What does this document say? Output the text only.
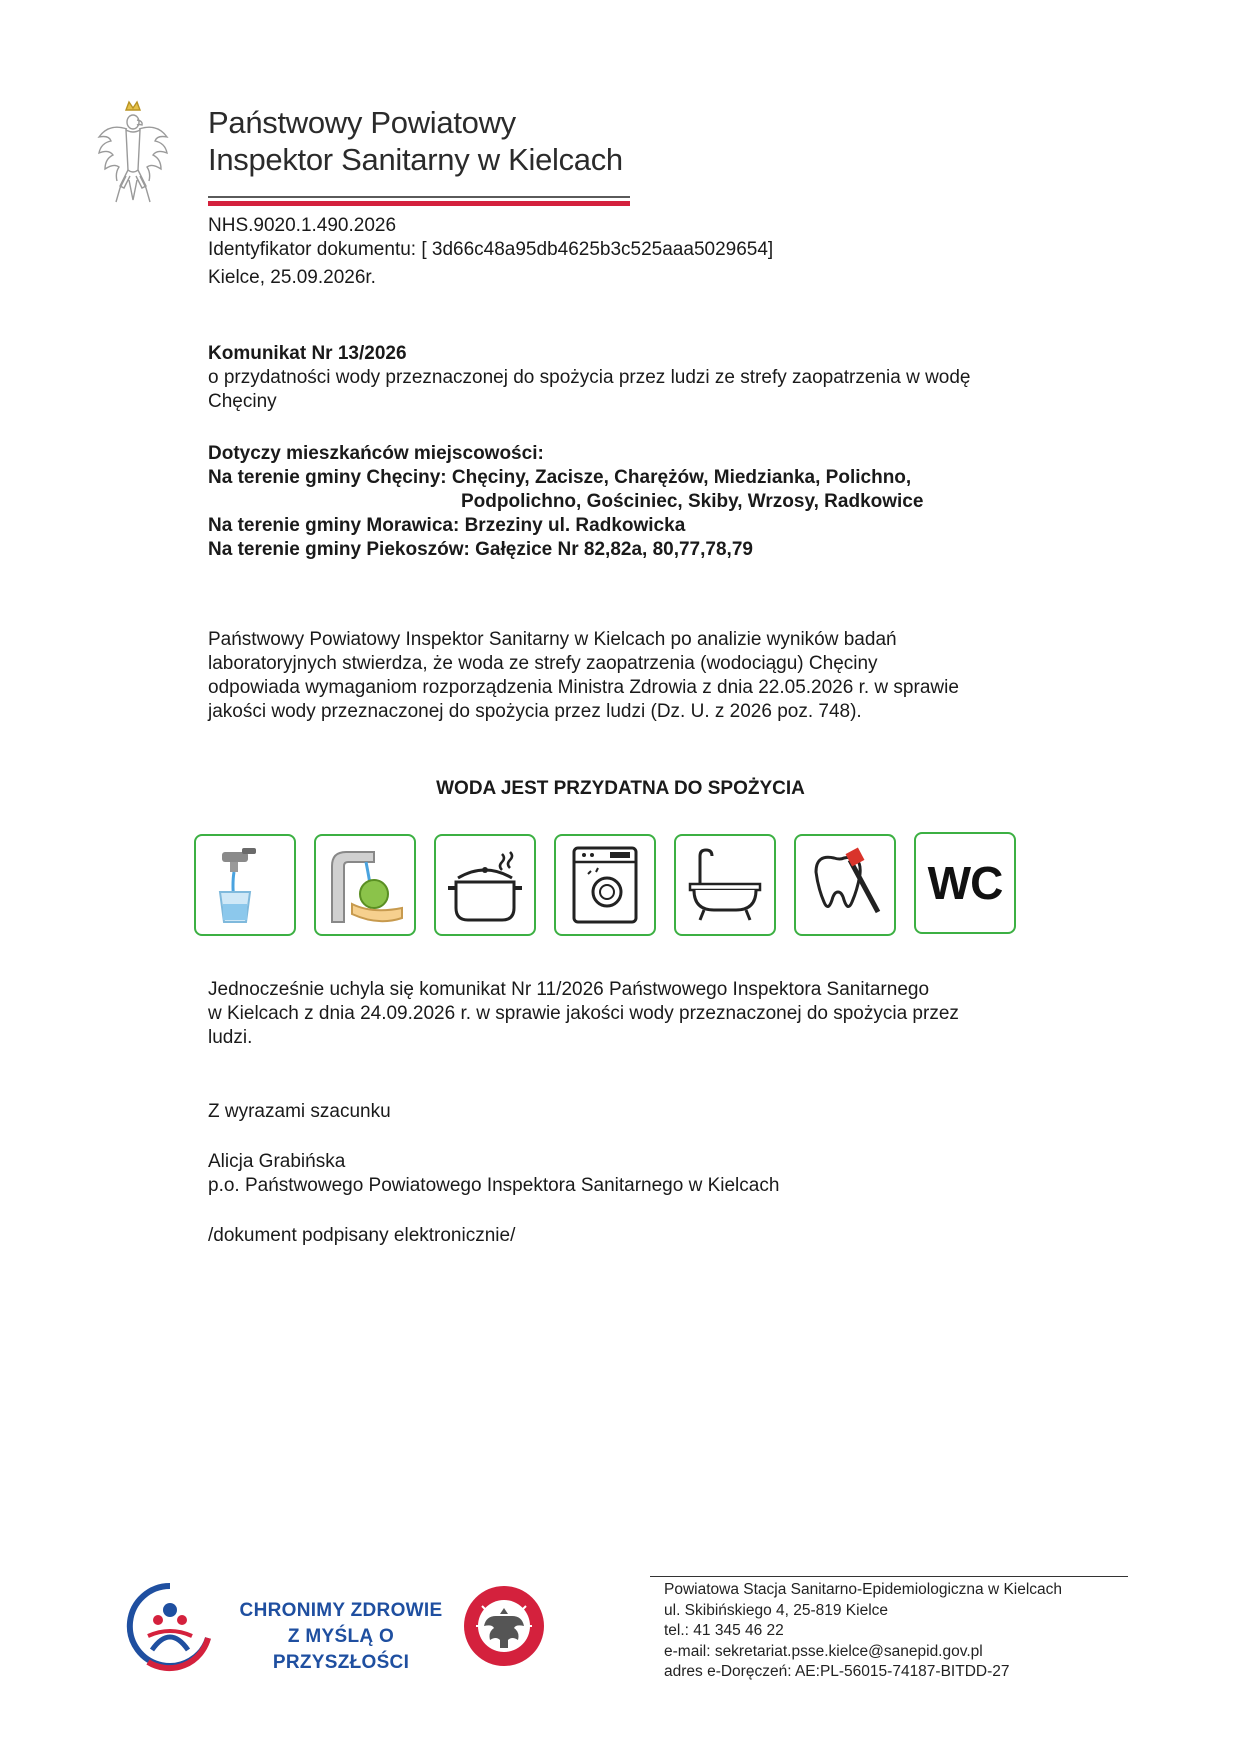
Państwowy Powiatowy
Inspektor Sanitarny w Kielcach
NHS.9020.1.490.2026
Identyfikator dokumentu: [ 3d66c48a95db4625b3c525aaa5029654]
Kielce, 25.09.2026r.
Komunikat Nr 13/2026
o przydatności wody przeznaczonej do spożycia przez ludzi ze strefy zaopatrzenia w wodę
Chęciny
Dotyczy mieszkańców miejscowości:
Na terenie gminy Chęciny: Chęciny, Zacisze, Charężów, Miedzianka, Polichno,
Podpolichno, Gościniec, Skiby, Wrzosy, Radkowice
Na terenie gminy Morawica: Brzeziny ul. Radkowicka
Na terenie gminy Piekoszów: Gałęzice Nr 82,82a, 80,77,78,79
Państwowy Powiatowy Inspektor Sanitarny w Kielcach po analizie wyników badań
laboratoryjnych stwierdza, że woda ze strefy zaopatrzenia (wodociągu) Chęciny
odpowiada wymaganiom rozporządzenia Ministra Zdrowia z dnia 22.05.2026 r. w sprawie
jakości wody przeznaczonej do spożycia przez ludzi (Dz. U. z 2026 poz. 748).
WODA JEST PRZYDATNA DO SPOŻYCIA
WC
Jednocześnie uchyla się komunikat Nr 11/2026 Państwowego Inspektora Sanitarnego
w Kielcach z dnia 24.09.2026 r. w sprawie jakości wody przeznaczonej do spożycia przez
ludzi.
Z wyrazami szacunku
Alicja Grabińska
p.o. Państwowego Powiatowego Inspektora Sanitarnego w Kielcach
/dokument podpisany elektronicznie/
CHRONIMY ZDROWIE
Z MYŚLĄ O PRZYSZŁOŚCI
Powiatowa Stacja Sanitarno-Epidemiologiczna w Kielcach
ul. Skibińskiego 4, 25-819 Kielce
tel.: 41 345 46 22
e-mail: sekretariat.psse.kielce@sanepid.gov.pl
adres e-Doręczeń: AE:PL-56015-74187-BITDD-27
